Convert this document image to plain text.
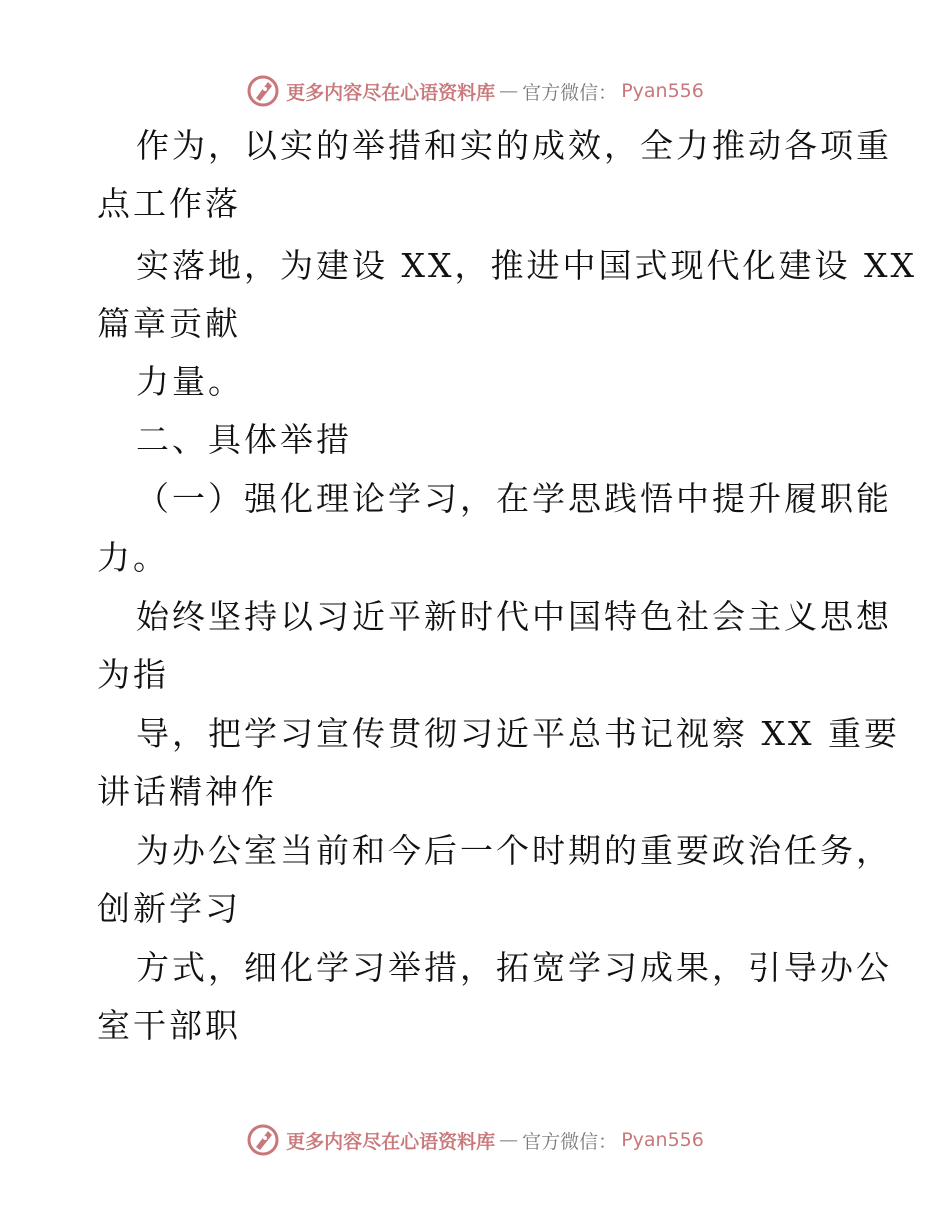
更多内容尽在心语资料库 — 官方微信： Pyan556
作为，以实的举措和实的成效，全力推动各项重
点工作落
实落地，为建设 XX，推进中国式现代化建设 XX
篇章贡献
力量。
二、具体举措
（一）强化理论学习，在学思践悟中提升履职能
力。
始终坚持以习近平新时代中国特色社会主义思想
为指
导，把学习宣传贯彻习近平总书记视察 XX 重要
讲话精神作
为办公室当前和今后一个时期的重要政治任务，
创新学习
方式，细化学习举措，拓宽学习成果，引导办公
室干部职
更多内容尽在心语资料库 — 官方微信： Pyan556
